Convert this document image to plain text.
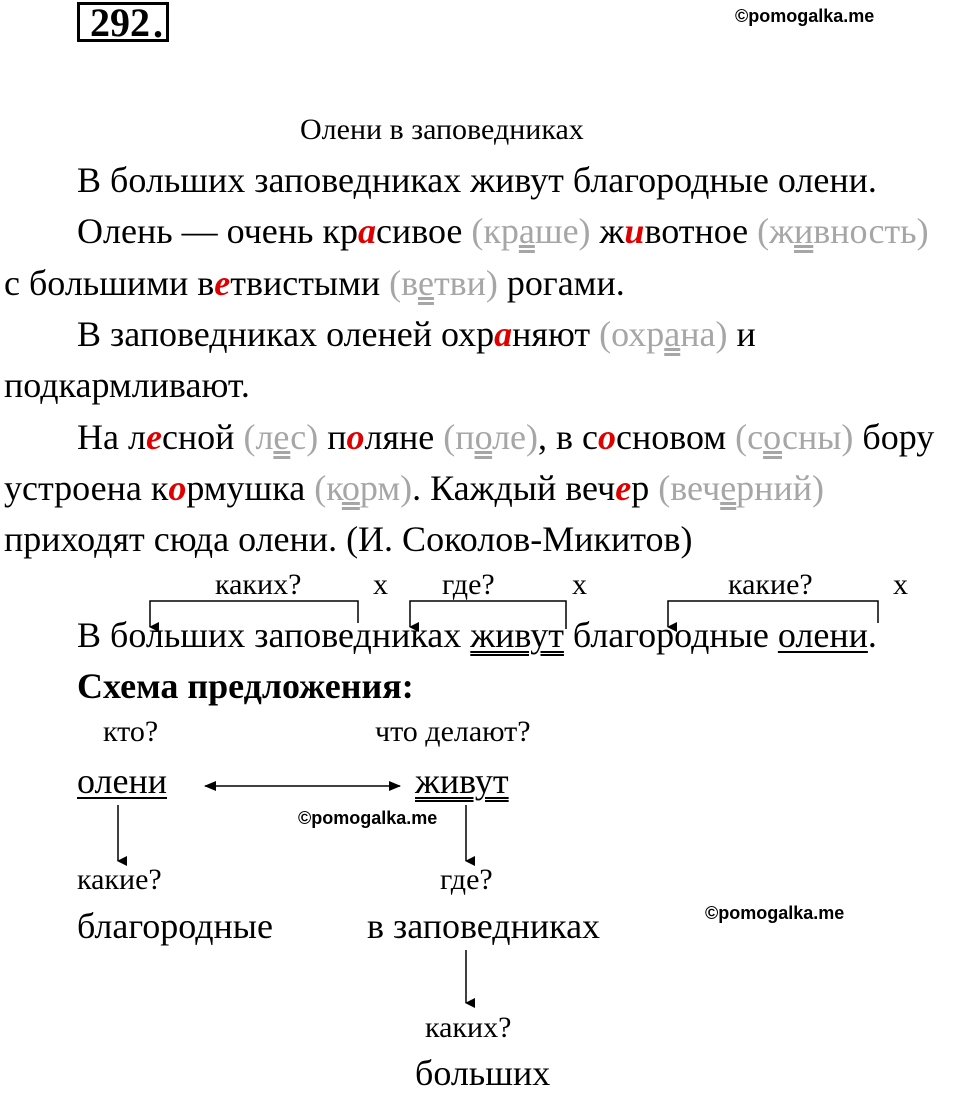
292 .	©pomogalka.me
Олени в заповедниках
В больших заповедниках живут благородные олени.
Олень — очень красивое (краше) животное (живность)
с большими ветвистыми (ветви) рогами.
В заповедниках оленей охраняют (охрана) и
подкармливают.
На лесной (лес) поляне (поле), в сосновом (сосны) бору
устроена кормушка (корм). Каждый вечер (вечерний)
приходят сюда олени. (И. Соколов-Микитов)
каких? х где?	х	какие?	х
В больших заповедниках живут благородные олени.
Схема предложения:
кто?	что делают?
олени	живут
©pomogalka.me
какие?	где?
благородные	в заповедниках	©pomogalka.me
каких?
больших
